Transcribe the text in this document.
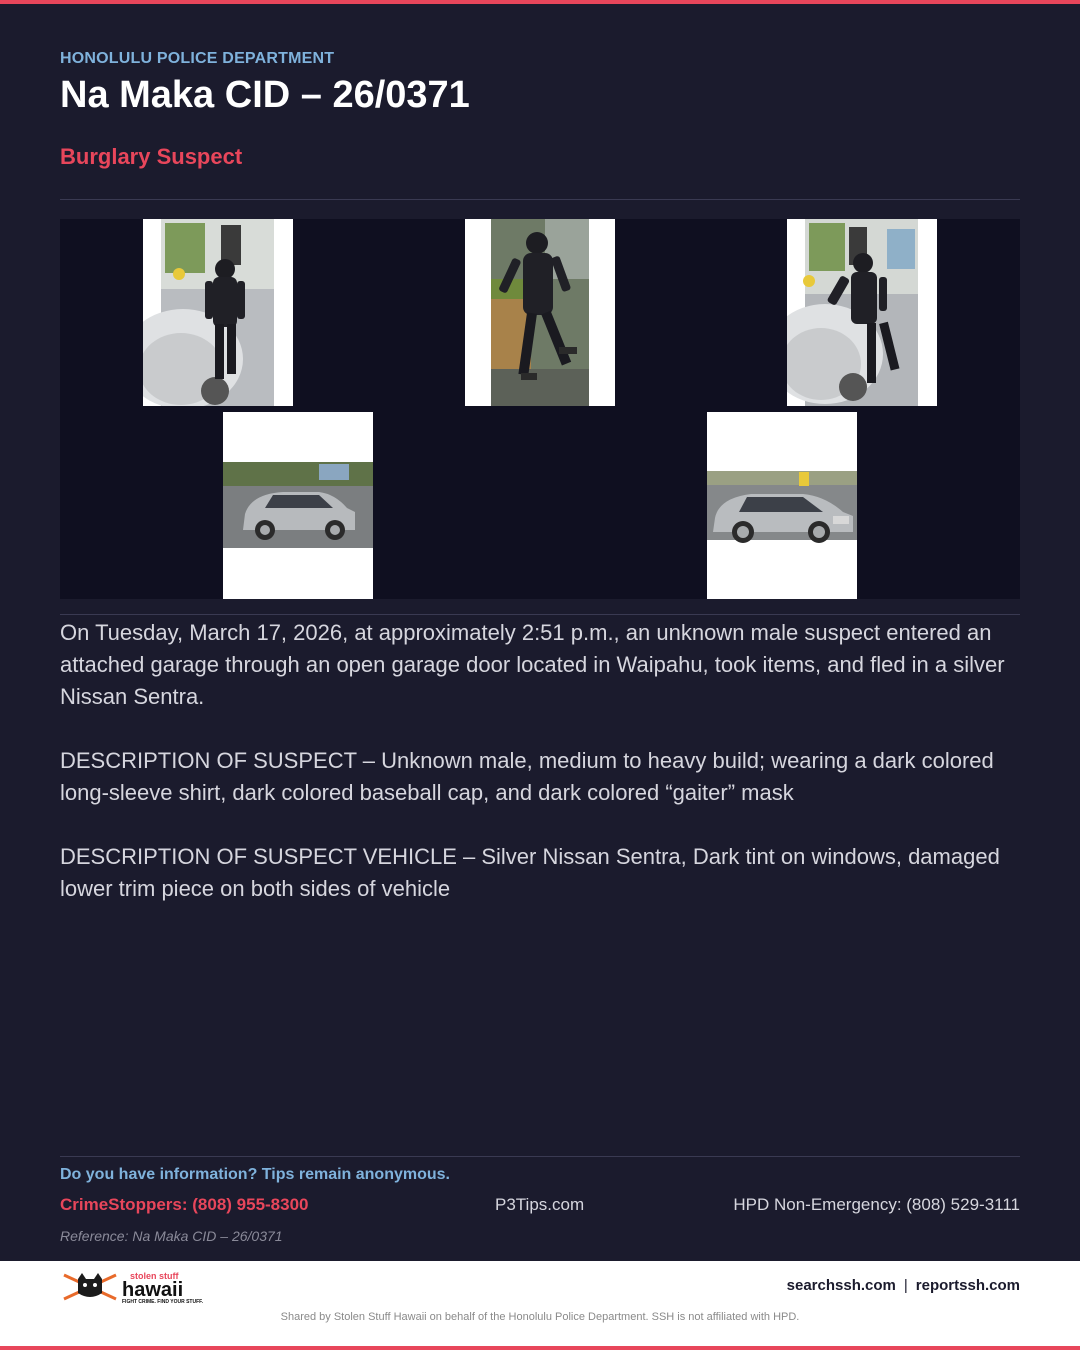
HONOLULU POLICE DEPARTMENT
Na Maka CID – 26/0371
Burglary Suspect

On Tuesday, March 17, 2026, at approximately 2:51 p.m., an unknown male suspect entered an attached garage through an open garage door located in Waipahu, took items, and fled in a silver Nissan Sentra.

DESCRIPTION OF SUSPECT – Unknown male, medium to heavy build; wearing a dark colored long-sleeve shirt, dark colored baseball cap, and dark colored “gaiter” mask

DESCRIPTION OF SUSPECT VEHICLE – Silver Nissan Sentra, Dark tint on windows, damaged lower trim piece on both sides of vehicle

Do you have information? Tips remain anonymous.
CrimeStoppers: (808) 955-8300	P3Tips.com	HPD Non-Emergency: (808) 529-3111
Reference: Na Maka CID – 26/0371
stolen stuff
hawaii
FIGHT CRIME. FIND YOUR STUFF.
searchssh.com | reportssh.com
Shared by Stolen Stuff Hawaii on behalf of the Honolulu Police Department. SSH is not affiliated with HPD.
